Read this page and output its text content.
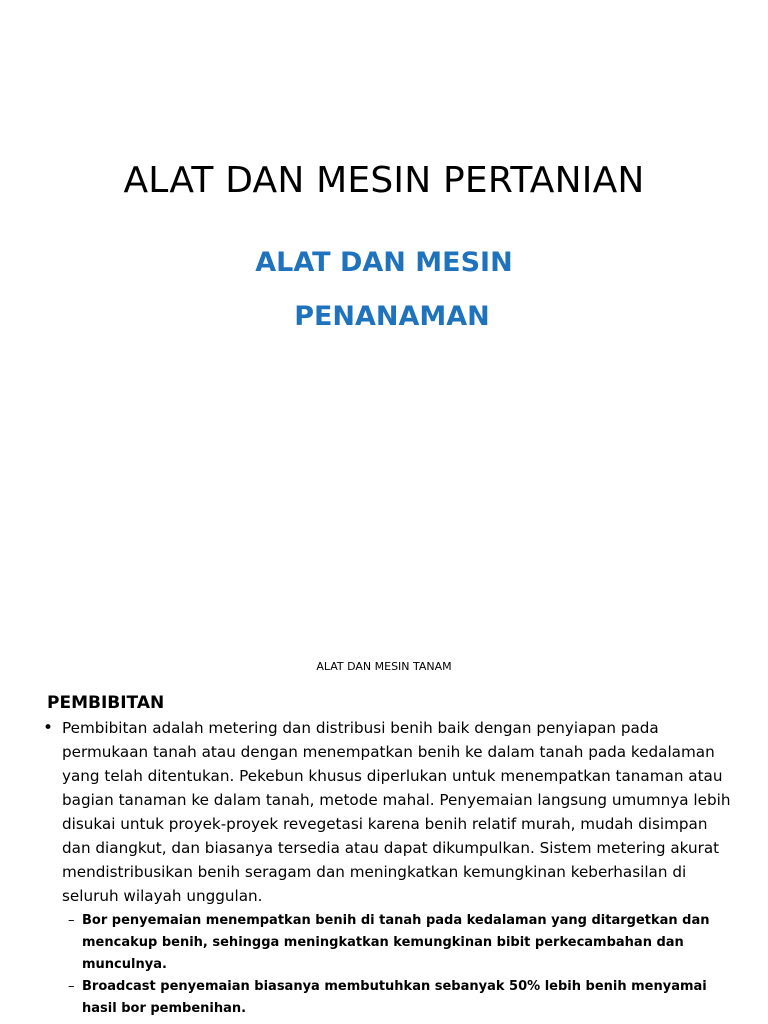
ALAT DAN MESIN PERTANIAN
ALAT DAN MESIN
PENANAMAN
ALAT DAN MESIN TANAM
PEMBIBITAN
• Pembibitan adalah metering dan distribusi benih baik dengan penyiapan pada permukaan tanah atau dengan menempatkan benih ke dalam tanah pada kedalaman yang telah ditentukan. Pekebun khusus diperlukan untuk menempatkan tanaman atau bagian tanaman ke dalam tanah, metode mahal. Penyemaian langsung umumnya lebih disukai untuk proyek-proyek revegetasi karena benih relatif murah, mudah disimpan dan diangkut, dan biasanya tersedia atau dapat dikumpulkan. Sistem metering akurat mendistribusikan benih seragam dan meningkatkan kemungkinan keberhasilan di seluruh wilayah unggulan.
– Bor penyemaian menempatkan benih di tanah pada kedalaman yang ditargetkan dan mencakup benih, sehingga meningkatkan kemungkinan bibit perkecambahan dan munculnya.
– Broadcast penyemaian biasanya membutuhkan sebanyak 50% lebih benih menyamai hasil bor pembenihan.
